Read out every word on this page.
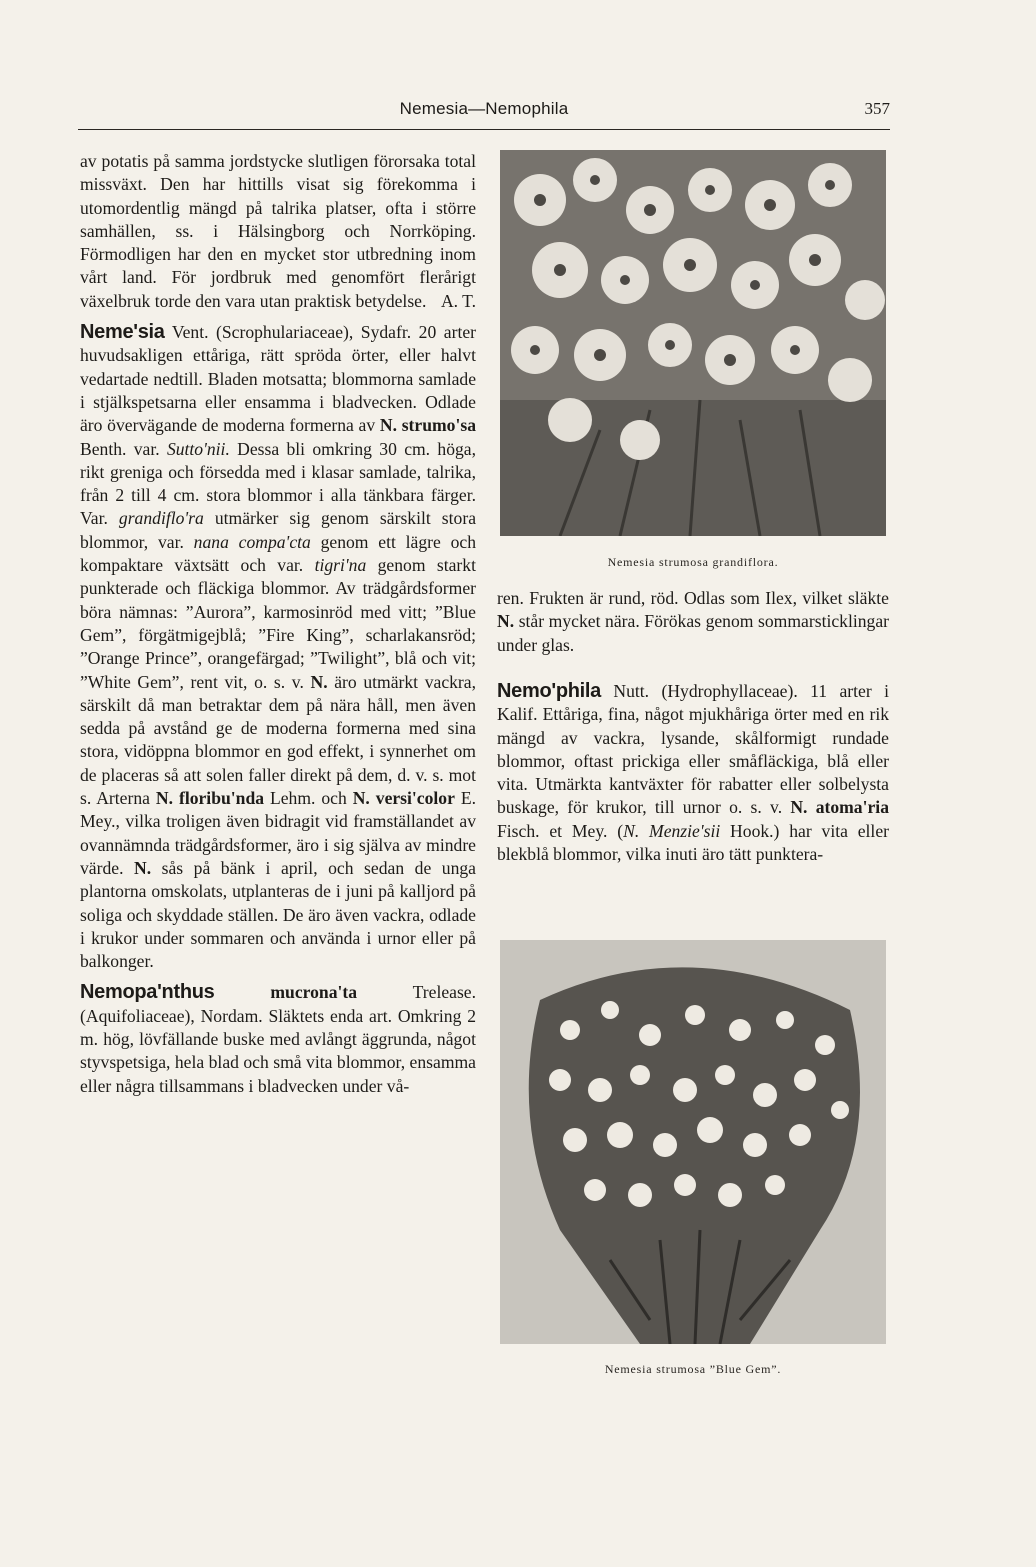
Nemesia—Nemophila	357

av potatis på samma jordstycke slutligen förorsaka total missväxt. Den har hittills visat sig förekomma i utomordentlig mängd på talrika platser, ofta i större samhällen, ss. i Hälsingborg och Norrköping. Förmodligen har den en mycket stor utbredning inom vårt land. För jordbruk med genomfört flerårigt växelbruk torde den vara utan praktisk betydelse. A. T.

Neme'sia Vent. (Scrophulariaceae), Sydafr. 20 arter huvudsakligen ettåriga, rätt spröda örter, eller halvt vedartade nedtill. Bladen motsatta; blommorna samlade i stjälkspetsarna eller ensamma i bladvecken. Odlade äro övervägande de moderna formerna av N. strumo'sa Benth. var. Sutto'nii. Dessa bli omkring 30 cm. höga, rikt greniga och försedda med i klasar samlade, talrika, från 2 till 4 cm. stora blommor i alla tänkbara färger. Var. grandiflo'ra utmärker sig genom särskilt stora blommor, var. nana compa'cta genom ett lägre och kompaktare växtsätt och var. tigri'na genom starkt punkterade och fläckiga blommor. Av trädgårdsformer böra nämnas: ”Aurora”, karmosinröd med vitt; ”Blue Gem”, förgätmigejblå; ”Fire King”, scharlakansröd; ”Orange Prince”, orangefärgad; ”Twilight”, blå och vit; ”White Gem”, rent vit, o. s. v. N. äro utmärkt vackra, särskilt då man betraktar dem på nära håll, men även sedda på avstånd ge de moderna formerna med sina stora, vidöppna blommor en god effekt, i synnerhet om de placeras så att solen faller direkt på dem, d. v. s. mot s. Arterna N. floribu'nda Lehm. och N. versi'color E. Mey., vilka troligen även bidragit vid framställandet av ovannämnda trädgårdsformer, äro i sig själva av mindre värde. N. sås på bänk i april, och sedan de unga plantorna omskolats, utplanteras de i juni på kalljord på soliga och skyddade ställen. De äro även vackra, odlade i krukor under sommaren och använda i urnor eller på balkonger.

Nemopa'nthus mucrona'ta Trelease. (Aquifoliaceae), Nordam. Släktets enda art. Omkring 2 m. hög, lövfällande buske med avlångt äggrunda, något styvspetsiga, hela blad och små vita blommor, ensamma eller några tillsammans i bladvecken under vå-

Nemesia strumosa grandiflora.

ren. Frukten är rund, röd. Odlas som Ilex, vilket släkte N. står mycket nära. Förökas genom sommarsticklingar under glas.

Nemo'phila Nutt. (Hydrophyllaceae). 11 arter i Kalif. Ettåriga, fina, något mjukhåriga örter med en rik mängd av vackra, lysande, skålformigt rundade blommor, oftast prickiga eller småfläckiga, blå eller vita. Utmärkta kantväxter för rabatter eller solbelysta buskage, för krukor, till urnor o. s. v. N. atoma'ria Fisch. et Mey. (N. Menzie'sii Hook.) har vita eller blekblå blommor, vilka inuti äro tätt punktera-

Nemesia strumosa ”Blue Gem”.
